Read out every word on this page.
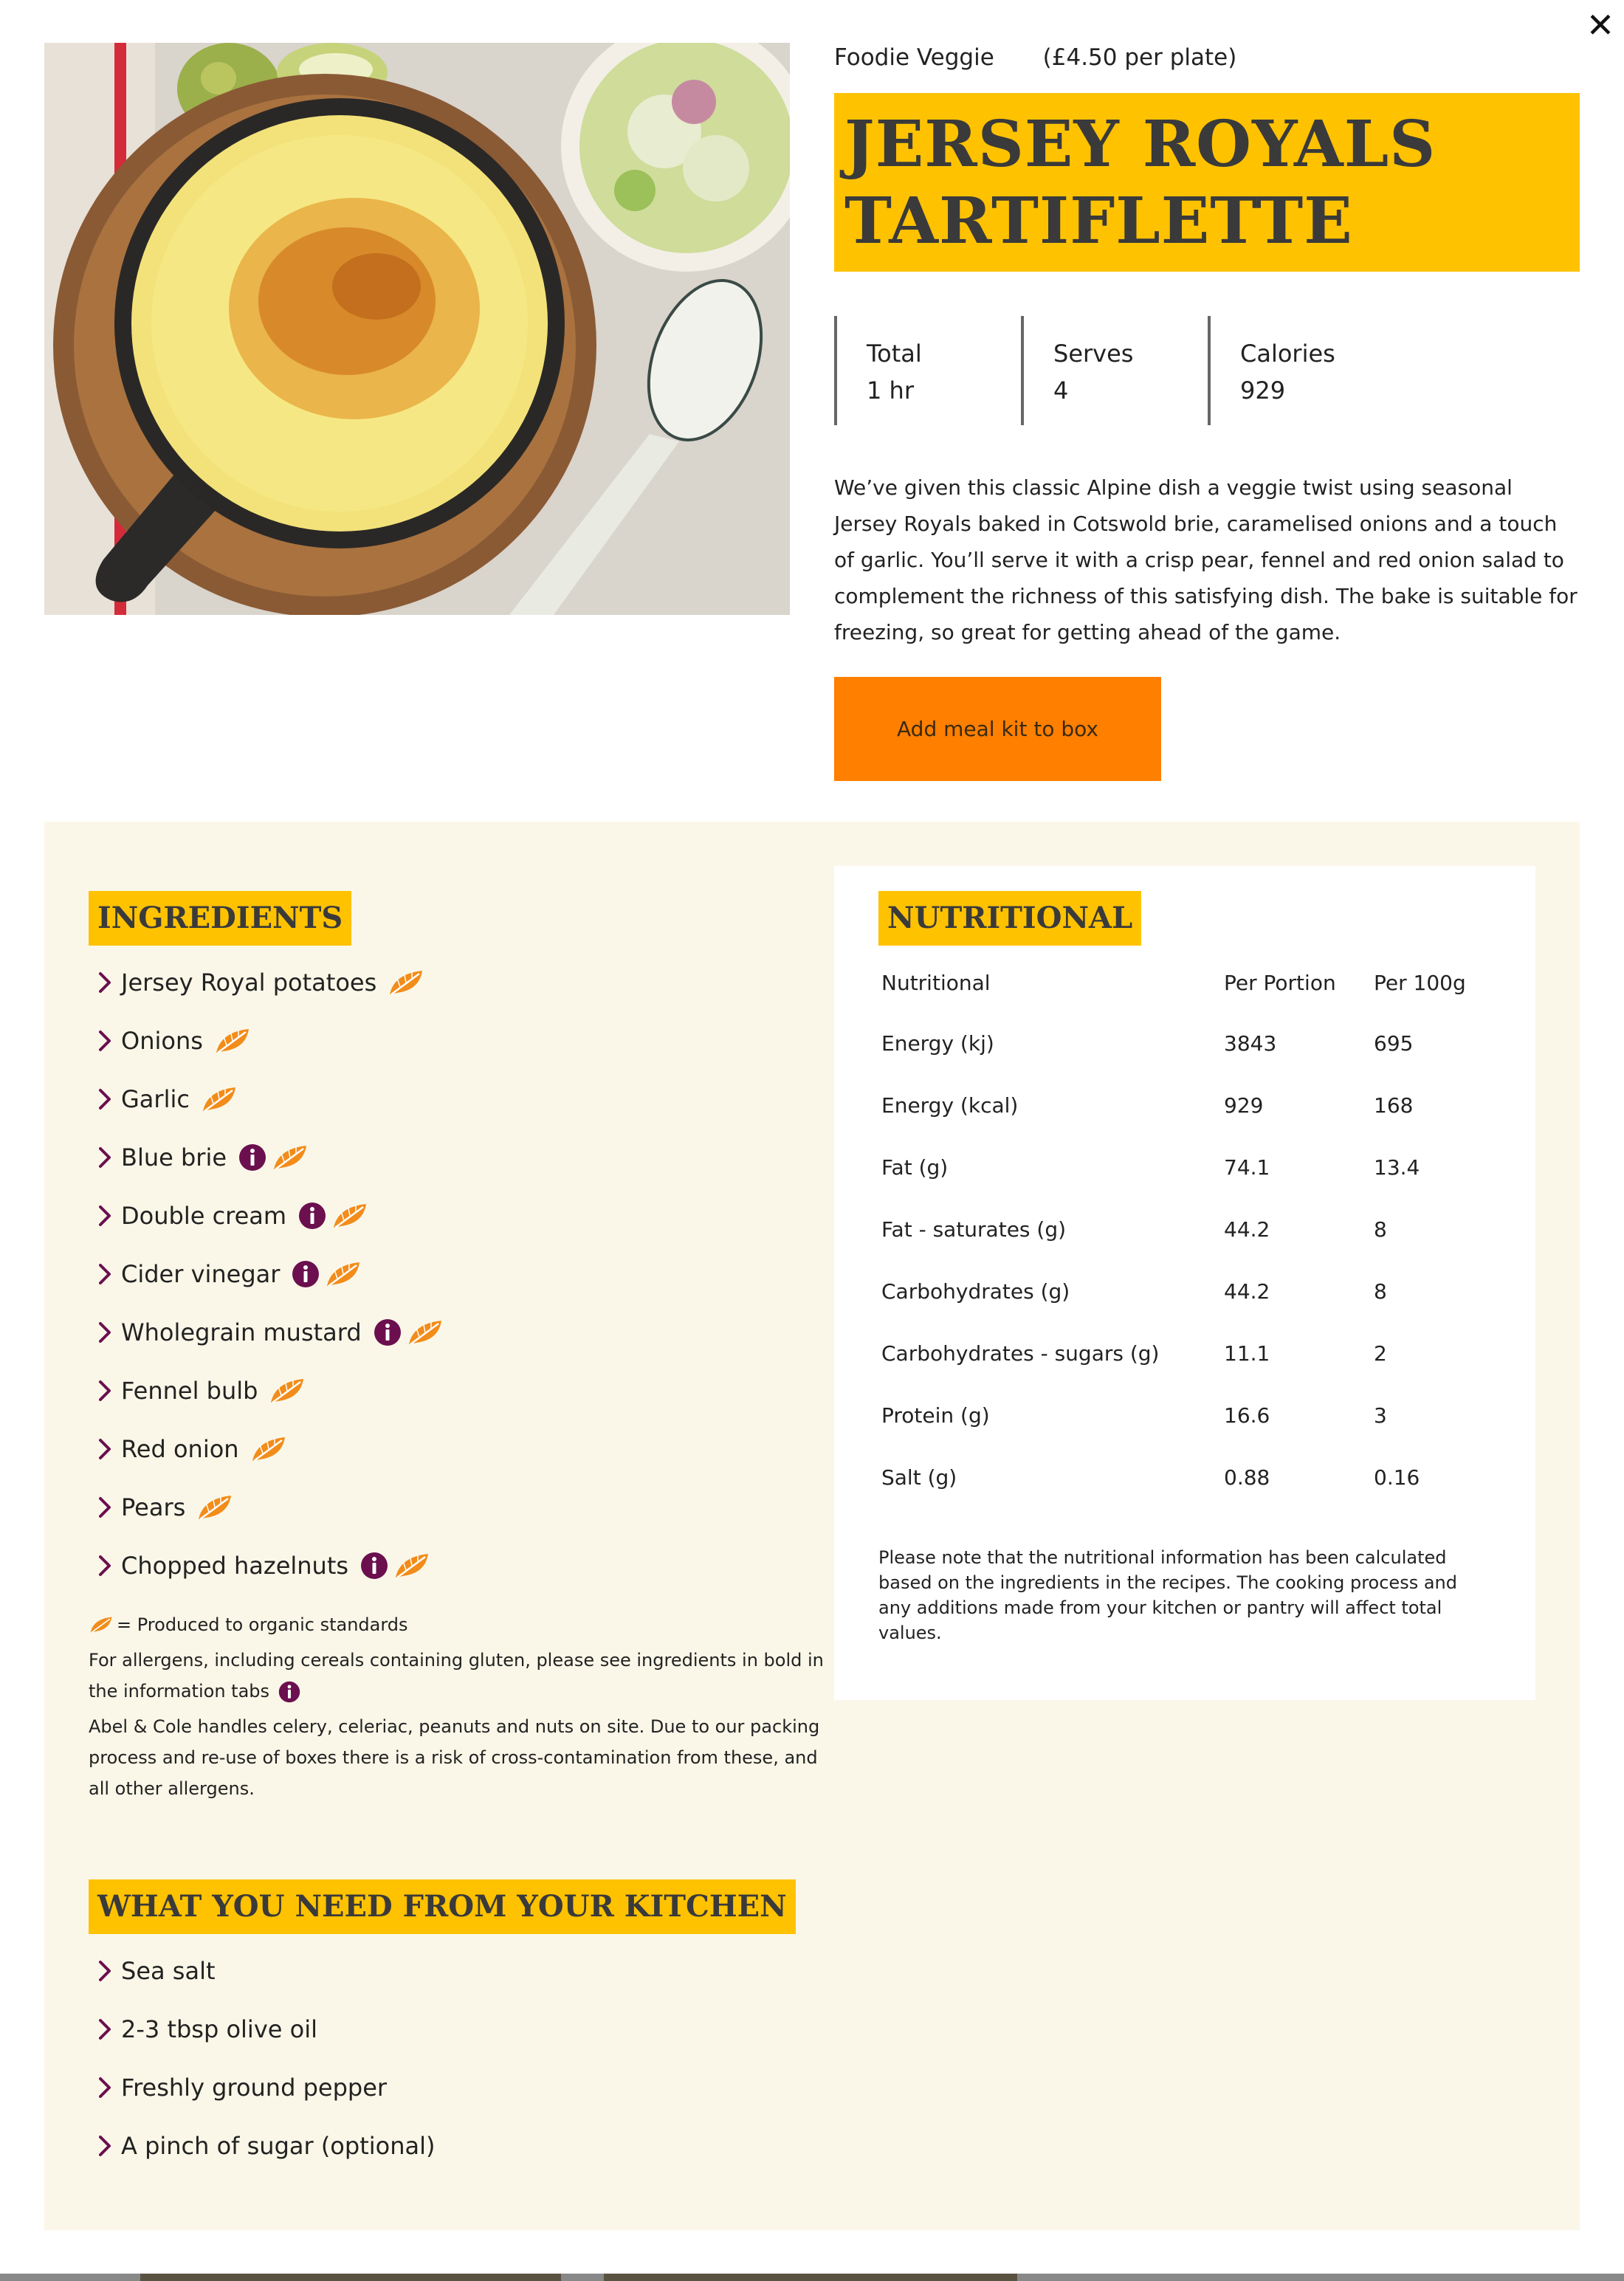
✕
Foodie Veggie (£4.50 per plate)
JERSEY ROYALS
TARTIFLETTE
Total
1 hr
Serves
4
Calories
929
We’ve given this classic Alpine dish a veggie twist using seasonal Jersey Royals baked in Cotswold brie, caramelised onions and a touch of garlic. You’ll serve it with a crisp pear, fennel and red onion salad to complement the richness of this satisfying dish. The bake is suitable for freezing, so great for getting ahead of the game.
Add meal kit to box
INGREDIENTS
Jersey Royal potatoes
Onions
Garlic
Blue brie
Double cream
Cider vinegar
Wholegrain mustard
Fennel bulb
Red onion
Pears
Chopped hazelnuts
= Produced to organic standards
For allergens, including cereals containing gluten, please see ingredients in bold in the information tabs
Abel & Cole handles celery, celeriac, peanuts and nuts on site. Due to our packing process and re-use of boxes there is a risk of cross-contamination from these, and all other allergens.
WHAT YOU NEED FROM YOUR KITCHEN
Sea salt
2-3 tbsp olive oil
Freshly ground pepper
A pinch of sugar (optional)
NUTRITIONAL
Nutritional	Per Portion	Per 100g
Energy (kj)	3843	695
Energy (kcal)	929	168
Fat (g)	74.1	13.4
Fat - saturates (g)	44.2	8
Carbohydrates (g)	44.2	8
Carbohydrates - sugars (g)	11.1	2
Protein (g)	16.6	3
Salt (g)	0.88	0.16
Please note that the nutritional information has been calculated based on the ingredients in the recipes. The cooking process and any additions made from your kitchen or pantry will affect total values.
